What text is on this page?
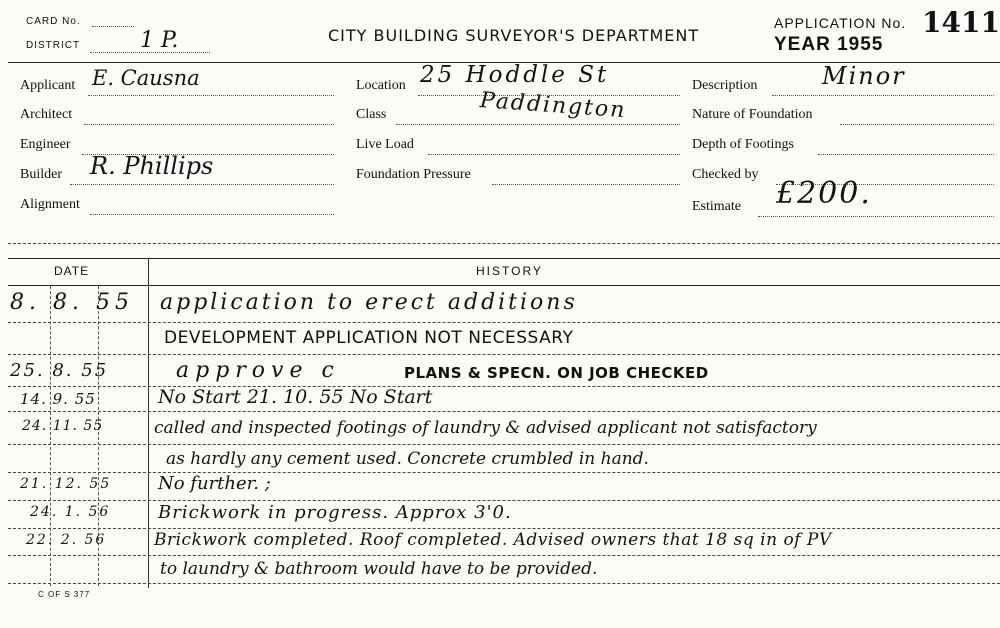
CARD No.
DISTRICT	1 P.	CITY BUILDING SURVEYOR'S DEPARTMENT
APPLICATION No. 1411
YEAR 1955
Applicant E. Causna
Architect
Engineer
Builder R. Phillips
Alignment
Location 25 Hoddle St
Class	Paddington
Live Load
Foundation Pressure
Description	Minor
Nature of Foundation
Depth of Footings
Checked by
Estimate £200.
DATE	HISTORY
8. 8. 55 application to erect additions
DEVELOPMENT APPLICATION NOT NECESSARY
25. 8. 55	approve c	PLANS & SPECN. ON JOB CHECKED
14. 9. 55	No Start 21. 10. 55 No Start
24. 11. 55	called and inspected footings of laundry & advised applicant not satisfactory
as hardly any cement used. Concrete crumbled in hand.
21. 12. 55	No further. ;
24. 1. 56	Brickwork in progress. Approx 3'0.
22. 2. 56	Brickwork completed. Roof completed. Advised owners that 18 sq in of PV
to laundry & bathroom would have to be provided.
C OF S 377
